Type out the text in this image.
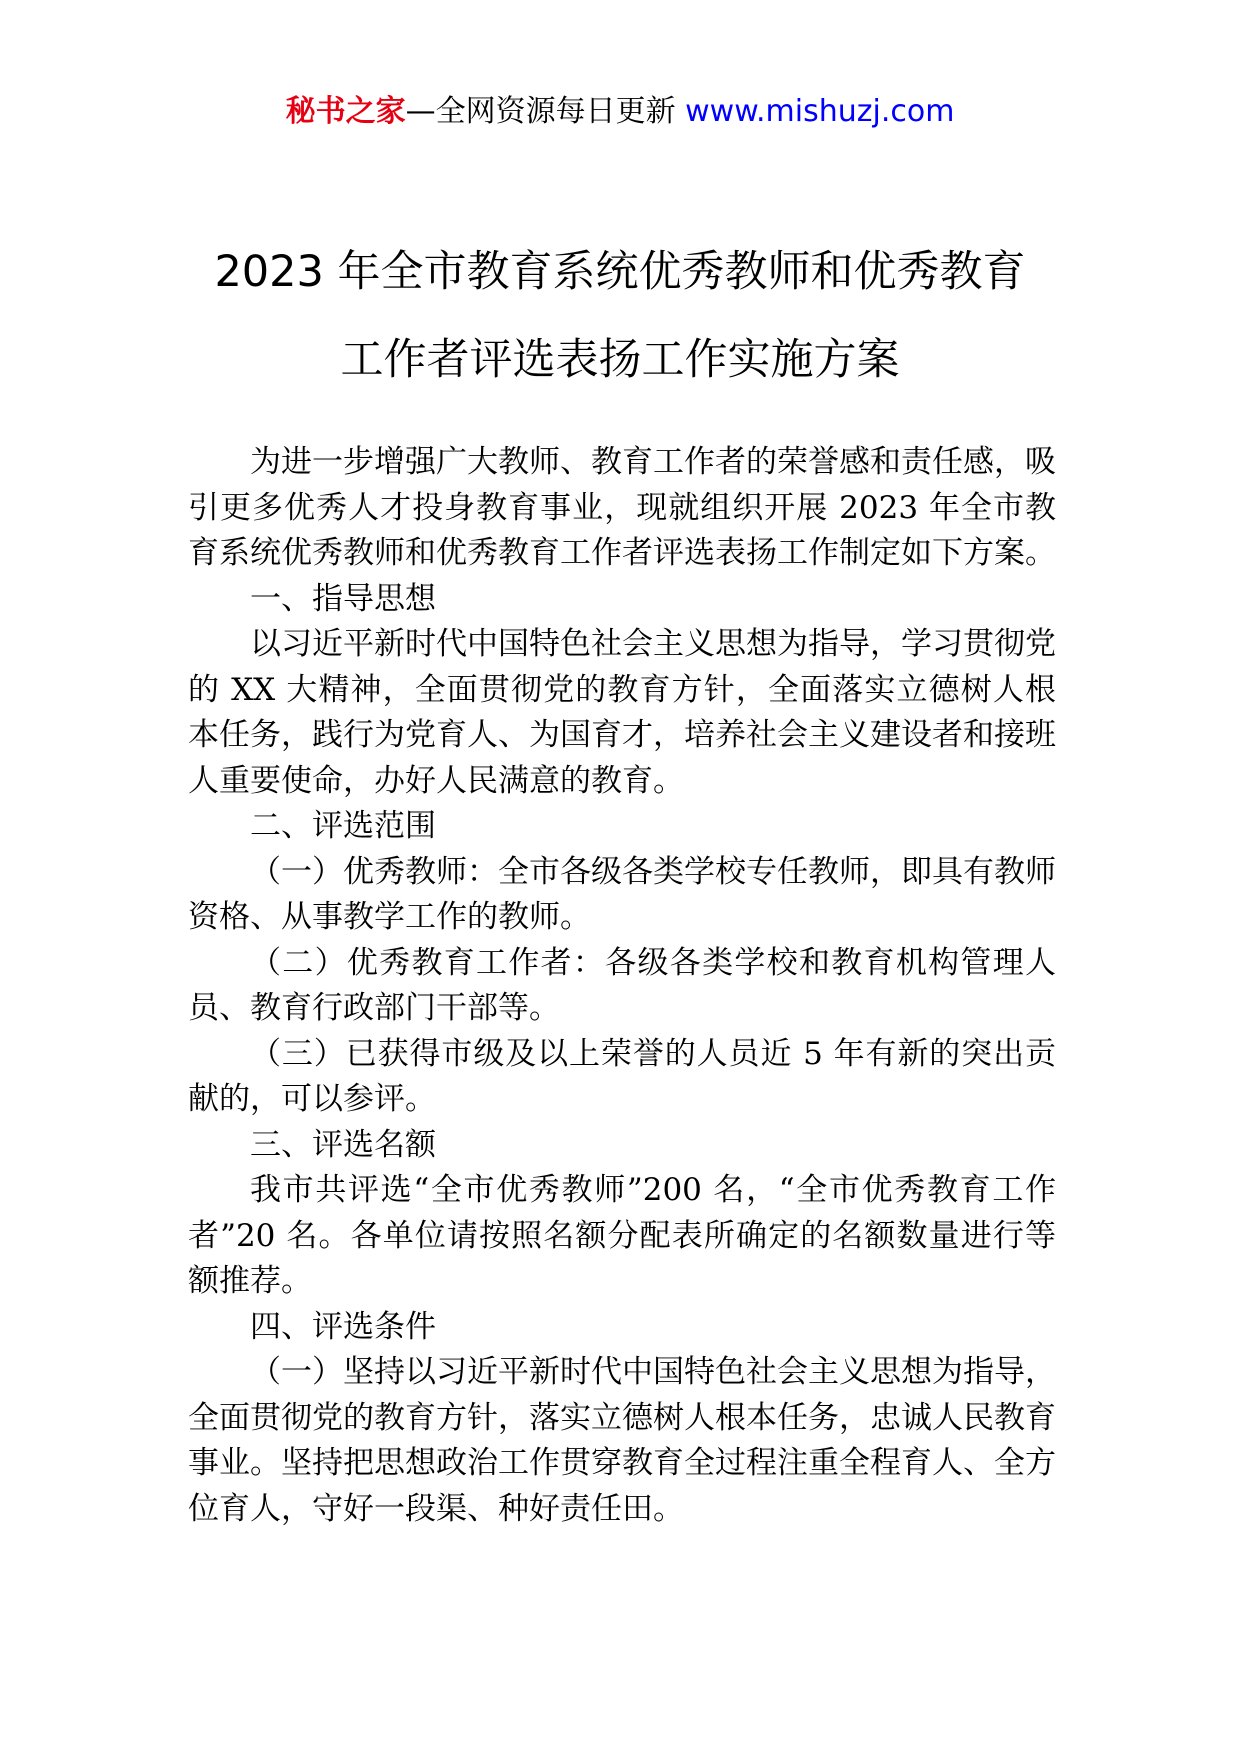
秘书之家—全网资源每日更新 www.mishuzj.com
2023 年全市教育系统优秀教师和优秀教育
工作者评选表扬工作实施方案

为进一步增强广大教师、教育工作者的荣誉感和责任感，吸引更多优秀人才投身教育事业，现就组织开展 2023 年全市教育系统优秀教师和优秀教育工作者评选表扬工作制定如下方案。

一、指导思想

以习近平新时代中国特色社会主义思想为指导，学习贯彻党的 XX 大精神，全面贯彻党的教育方针，全面落实立德树人根本任务，践行为党育人、为国育才，培养社会主义建设者和接班人重要使命，办好人民满意的教育。

二、评选范围

（一）优秀教师：全市各级各类学校专任教师，即具有教师资格、从事教学工作的教师。

（二）优秀教育工作者：各级各类学校和教育机构管理人员、教育行政部门干部等。

（三）已获得市级及以上荣誉的人员近 5 年有新的突出贡献的，可以参评。

三、评选名额

我市共评选“全市优秀教师”200 名，“全市优秀教育工作者”20 名。各单位请按照名额分配表所确定的名额数量进行等额推荐。

四、评选条件

（一）坚持以习近平新时代中国特色社会主义思想为指导，全面贯彻党的教育方针，落实立德树人根本任务，忠诚人民教育事业。坚持把思想政治工作贯穿教育全过程注重全程育人、全方位育人，守好一段渠、种好责任田。
